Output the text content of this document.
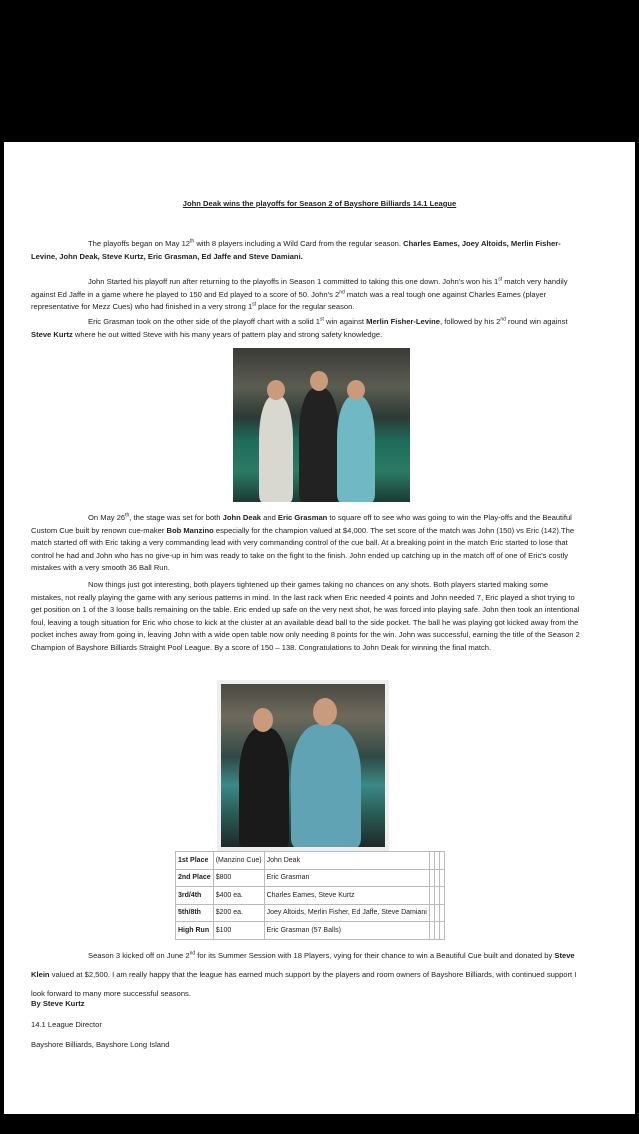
John Deak wins the playoffs for Season 2 of Bayshore Billiards 14.1 League
The playoffs began on May 12th with 8 players including a Wild Card from the regular season. Charles Eames, Joey Altoids, Merlin Fisher-Levine, John Deak, Steve Kurtz, Eric Grasman, Ed Jaffe and Steve Damiani.
John Started his playoff run after returning to the playoffs in Season 1 committed to taking this one down. John's won his 1st match very handily against Ed Jaffe in a game where he played to 150 and Ed played to a score of 50. John's 2nd match was a real tough one against Charles Eames (player representative for Mezz Cues) who had finished in a very strong 1st place for the regular season.
Eric Grasman took on the other side of the playoff chart with a solid 1st win against Merlin Fisher-Levine, followed by his 2nd round win against Steve Kurtz where he out witted Steve with his many years of pattern play and strong safety knowledge.
On May 26th, the stage was set for both John Deak and Eric Grasman to square off to see who was going to win the Play-offs and the Beautiful Custom Cue built by renown cue-maker Bob Manzino especially for the champion valued at $4,000. The set score of the match was John (150) vs Eric (142).The match started off with Eric taking a very commanding lead with very commanding control of the cue ball. At a breaking point in the match Eric started to lose that control he had and John who has no give-up in him was ready to take on the fight to the finish. John ended up catching up in the match off of one of Eric's costly mistakes with a very smooth 36 Ball Run.
Now things just got interesting, both players tightened up their games taking no chances on any shots. Both players started making some mistakes, not really playing the game with any serious patterns in mind. In the last rack when Eric needed 4 points and John needed 7, Eric played a shot trying to get position on 1 of the 3 loose balls remaining on the table. Eric ended up safe on the very next shot, he was forced into playing safe. John then took an intentional foul, leaving a tough situation for Eric who chose to kick at the cluster at an available dead ball to the side pocket. The ball he was playing got kicked away from the pocket inches away from going in, leaving John with a wide open table now only needing 8 points for the win. John was successful, earning the title of the Season 2 Champion of Bayshore Billiards Straight Pool League. By a score of 150 – 138. Congratulations to John Deak for winning the final match.
1st Place	(Manzino Cue)	John Deak			
2nd Place	$800	Eric Grasman			
3rd/4th	$400 ea.	Charles Eames, Steve Kurtz			
5th/8th	$200 ea.	Joey Altoids, Merlin Fisher, Ed Jaffe, Steve Damiani			
High Run	$100	Eric Grasman (57 Balls)			
Season 3 kicked off on June 2nd for its Summer Session with 18 Players, vying for their chance to win a Beautiful Cue built and donated by Steve Klein valued at $2,500. I am really happy that the league has earned much support by the players and room owners of Bayshore Billiards, with continued support I look forward to many more successful seasons.
By Steve Kurtz
14.1 League Director
Bayshore Billiards, Bayshore Long Island
